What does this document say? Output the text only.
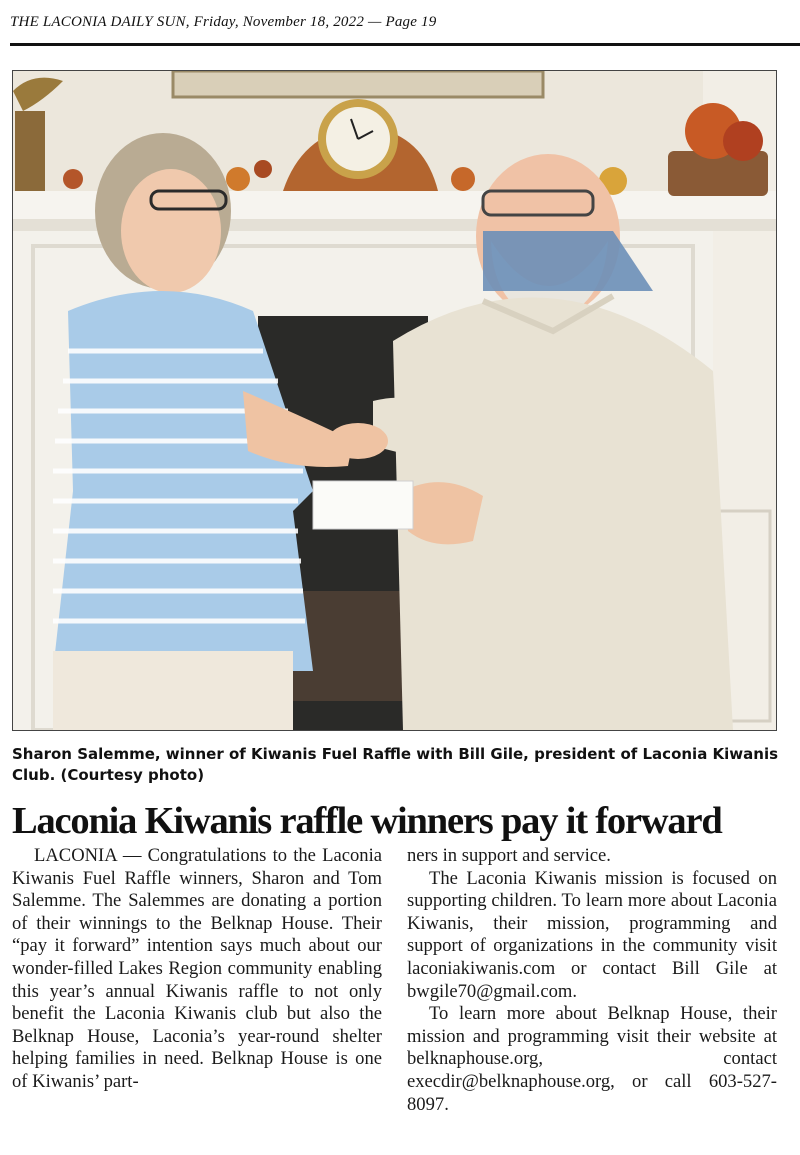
THE LACONIA DAILY SUN, Friday, November 18, 2022 — Page 19
Sharon Salemme, winner of Kiwanis Fuel Raffle with Bill Gile, president of Laconia Kiwanis Club. (Courtesy photo)
Laconia Kiwanis raffle winners pay it forward

LACONIA — Congratulations to the Laconia Kiwanis Fuel Raffle winners, Sharon and Tom Salemme. The Salemmes are donating a portion of their winnings to the Belknap House. Their “pay it forward” intention says much about our wonder-filled Lakes Region community enabling this year’s annual Kiwanis raffle to not only benefit the Laconia Kiwanis club but also the Belknap House, Laconia’s year-round shelter helping families in need. Belknap House is one of Kiwanis’ part-

ners in support and service.

The Laconia Kiwanis mission is focused on supporting children. To learn more about Laconia Kiwanis, their mission, programming and support of organizations in the community visit laconiakiwanis.com or contact Bill Gile at bwgile70@gmail.com.

To learn more about Belknap House, their mission and programming visit their website at belknaphouse.org, contact execdir@belknaphouse.org, or call 603-527-8097.
